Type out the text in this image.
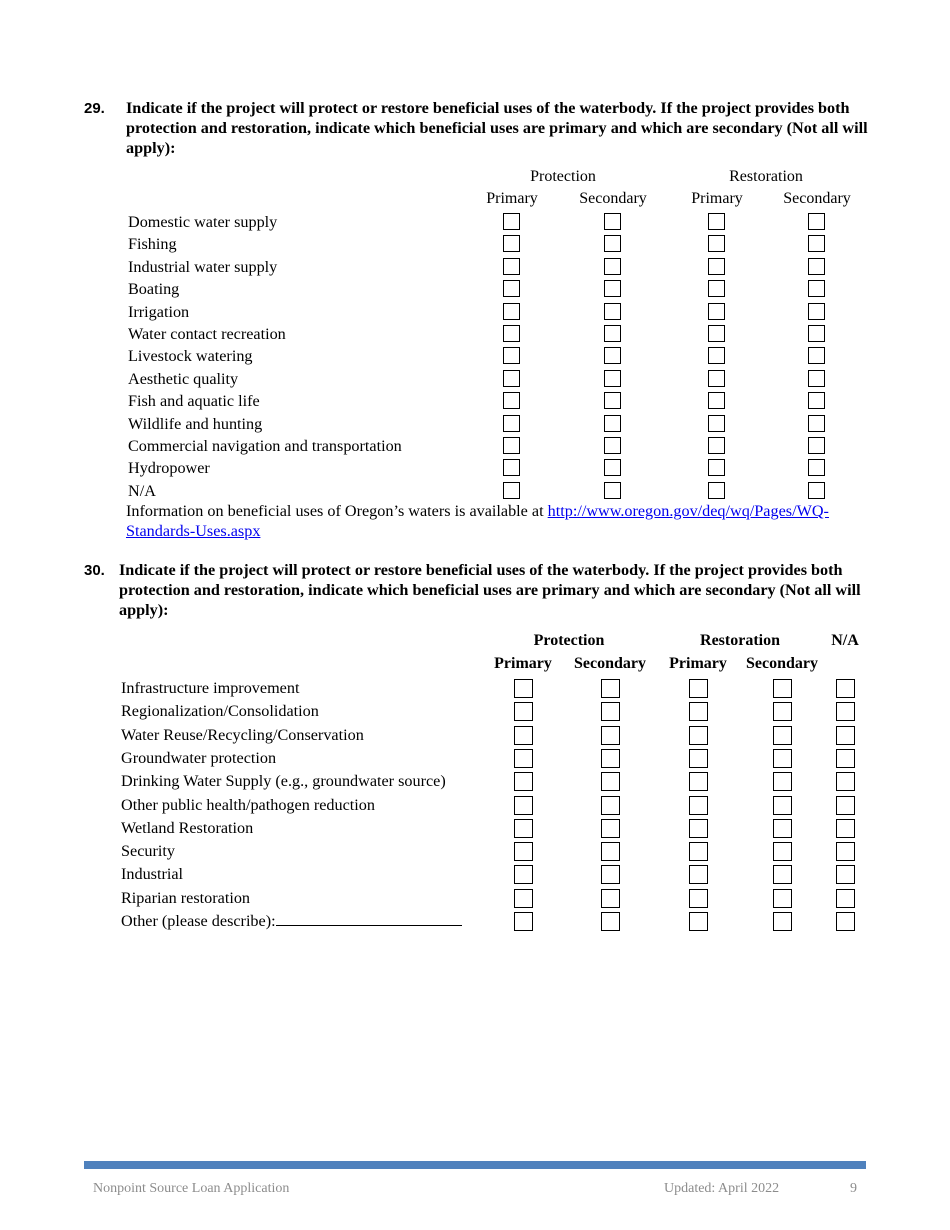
29. Indicate if the project will protect or restore beneficial uses of the waterbody. If the project provides both protection and restoration, indicate which beneficial uses are primary and which are secondary (Not all will apply):
Protection	Restoration
Primary	Secondary	Primary	Secondary
Domestic water supply
Fishing
Industrial water supply
Boating
Irrigation
Water contact recreation
Livestock watering
Aesthetic quality
Fish and aquatic life
Wildlife and hunting
Commercial navigation and transportation
Hydropower
N/A
Information on beneficial uses of Oregon’s waters is available at http://www.oregon.gov/deq/wq/Pages/WQ-
Standards-Uses.aspx
30. Indicate if the project will protect or restore beneficial uses of the waterbody. If the project provides both protection and restoration, indicate which beneficial uses are primary and which are secondary (Not all will apply):
Protection	Restoration	N/A
Primary Secondary Primary Secondary
Infrastructure improvement
Regionalization/Consolidation
Water Reuse/Recycling/Conservation
Groundwater protection
Drinking Water Supply (e.g., groundwater source)
Other public health/pathogen reduction
Wetland Restoration
Security
Industrial
Riparian restoration
Other (please describe):
Nonpoint Source Loan Application	Updated: April 2022	9
